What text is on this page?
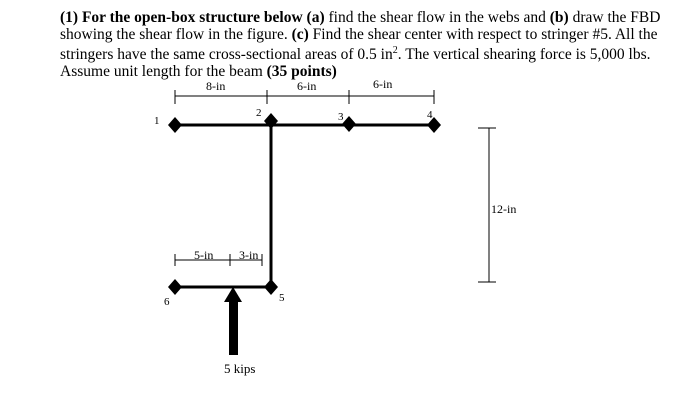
(1) For the open-box structure below (a) find the shear flow in the webs and (b) draw the FBD
showing the shear flow in the figure. (c) Find the shear center with respect to stringer #5. All the
stringers have the same cross-sectional areas of 0.5 $in^2$. The vertical shearing force is 5,000 lbs.
Assume unit length for the beam (35 points)
8-in	6-in	6-in
1
2	3	4
5
6
12-in
5-in 3-in
5 kips
